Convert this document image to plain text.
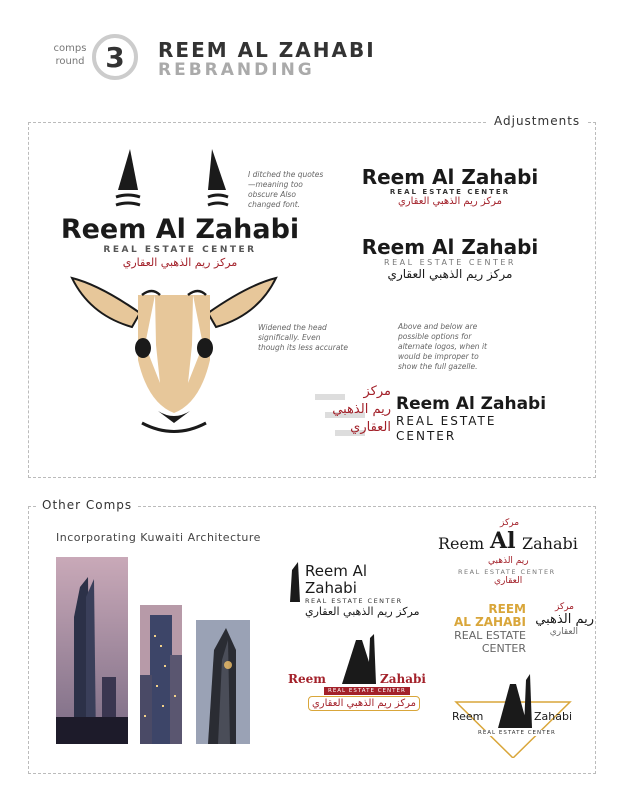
comps
round 3 REEM AL ZAHABI
REBRANDING
Adjustments
Reem Al Zahabi
REAL ESTATE CENTER
مركز ريم الذهبي العقاري
I ditched the quotes —meaning too obscure Also changed font.
Widened the head significally. Even though its less accurate
Above and below are possible options for alternate logos, when it would be improper to show the full gazelle.
Reem Al Zahabi
REAL ESTATE CENTER
مركز ريم الذهبي العقاري
Reem Al Zahabi
REAL ESTATE CENTER
مركز ريم الذهبي العقاري
مركز
ريم الذهبي
العقاري
Reem Al Zahabi
REAL ESTATE
CENTER
Other Comps
Incorporating Kuwaiti Architecture
Reem Al Zahabi
REAL ESTATE CENTER
مركز ريم الذهبي العقاري
Reem	Zahabi
REAL ESTATE CENTER
مركز ريم الذهبي العقاري
مركز
Reem Al Zahabi
ريم الذهبي
REAL ESTATE CENTER
العقاري
REEM
AL ZAHABI
REAL ESTATE
CENTER
مركز
ريم الذهبي
العقاري
Reem	Zahabi
REAL ESTATE CENTER
